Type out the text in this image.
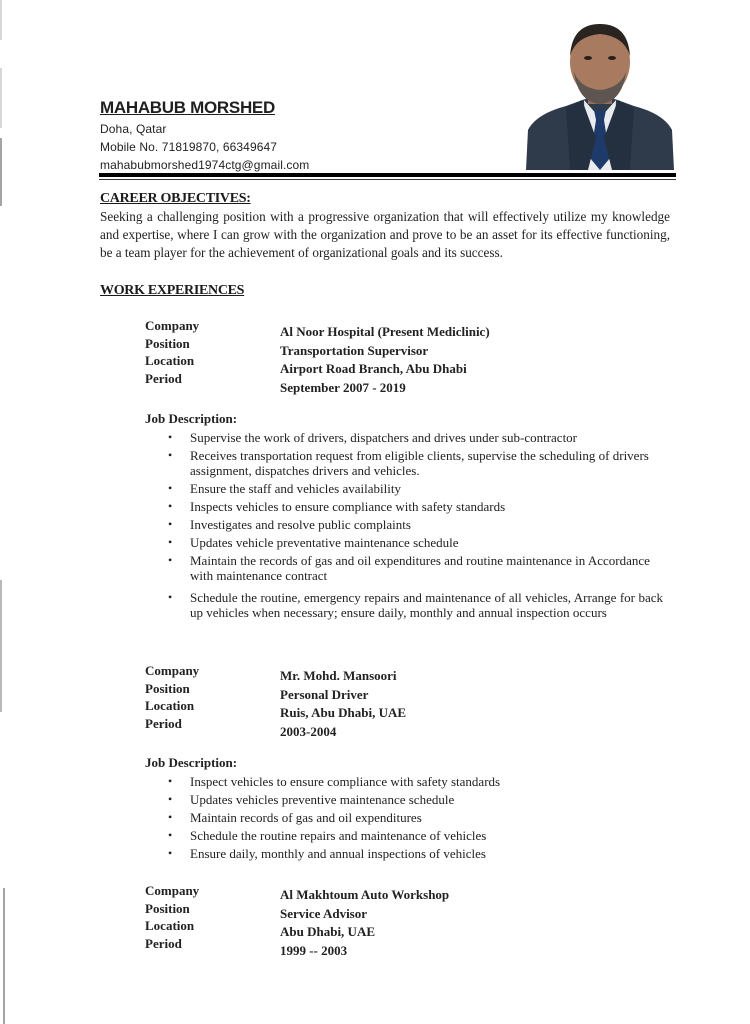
MAHABUB MORSHED
Doha, Qatar
Mobile No. 71819870, 66349647
mahabubmorshed1974ctg@gmail.com
CAREER OBJECTIVES:
Seeking a challenging position with a progressive organization that will effectively utilize my knowledge and expertise, where I can grow with the organization and prove to be an asset for its effective functioning, be a team player for the achievement of organizational goals and its success.
WORK EXPERIENCES
Company
Position
Location
Period
Al Noor Hospital (Present Mediclinic)
Transportation Supervisor
Airport Road Branch, Abu Dhabi
September 2007 - 2019
Job Description:
• Supervise the work of drivers, dispatchers and drives under sub-contractor
• Receives transportation request from eligible clients, supervise the scheduling of drivers assignment, dispatches drivers and vehicles.
• Ensure the staff and vehicles availability
• Inspects vehicles to ensure compliance with safety standards
• Investigates and resolve public complaints
• Updates vehicle preventative maintenance schedule
• Maintain the records of gas and oil expenditures and routine maintenance in Accordance with maintenance contract
• Schedule the routine, emergency repairs and maintenance of all vehicles, Arrange for back up vehicles when necessary; ensure daily, monthly and annual inspection occurs
Company
Position
Location
Period
Mr. Mohd. Mansoori
Personal Driver
Ruis, Abu Dhabi, UAE
2003-2004
Job Description:
• Inspect vehicles to ensure compliance with safety standards
• Updates vehicles preventive maintenance schedule
• Maintain records of gas and oil expenditures
• Schedule the routine repairs and maintenance of vehicles
• Ensure daily, monthly and annual inspections of vehicles
Company
Position
Location
Period
Al Makhtoum Auto Workshop
Service Advisor
Abu Dhabi, UAE
1999 -- 2003
